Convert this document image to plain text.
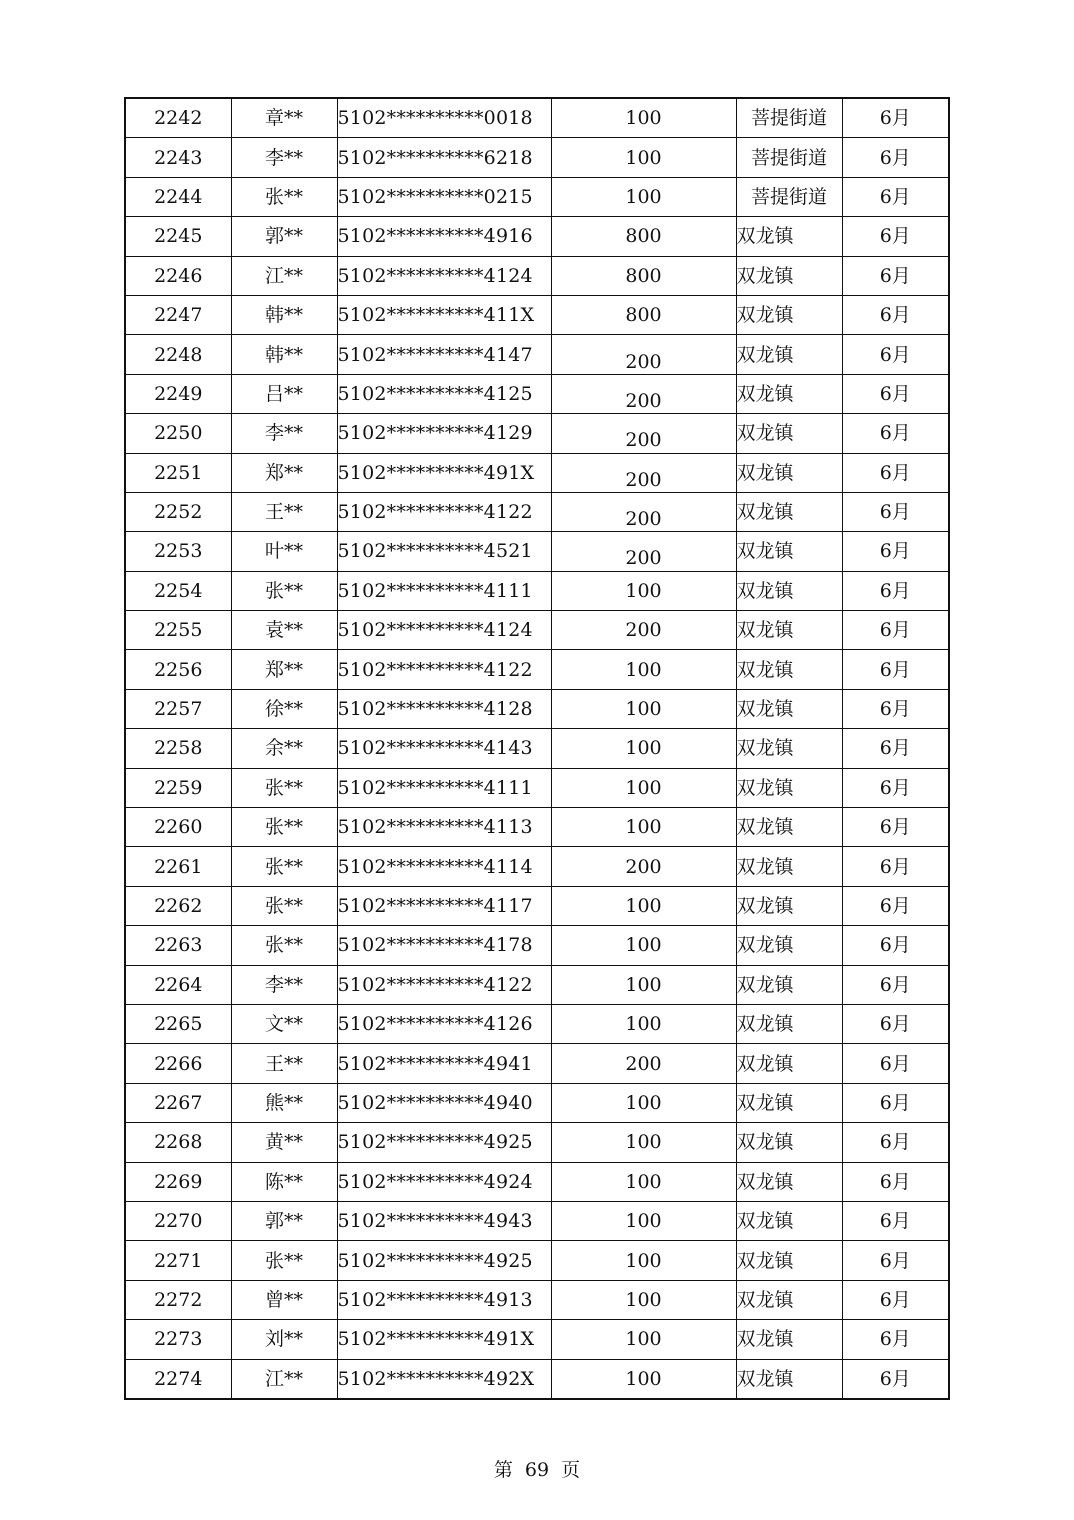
2242	章**	5102**********0018	100	菩提街道	6月
2243	李**	5102**********6218	100	菩提街道	6月
2244	张**	5102**********0215	100	菩提街道	6月
2245	郭**	5102**********4916	800	双龙镇	6月
2246	江**	5102**********4124	800	双龙镇	6月
2247	韩**	5102**********411X	800	双龙镇	6月
2248	韩**	5102**********4147	200	双龙镇	6月
2249	吕**	5102**********4125	200	双龙镇	6月
2250	李**	5102**********4129	200	双龙镇	6月
2251	郑**	5102**********491X	200	双龙镇	6月
2252	王**	5102**********4122	200	双龙镇	6月
2253	叶**	5102**********4521	200	双龙镇	6月
2254	张**	5102**********4111	100	双龙镇	6月
2255	袁**	5102**********4124	200	双龙镇	6月
2256	郑**	5102**********4122	100	双龙镇	6月
2257	徐**	5102**********4128	100	双龙镇	6月
2258	余**	5102**********4143	100	双龙镇	6月
2259	张**	5102**********4111	100	双龙镇	6月
2260	张**	5102**********4113	100	双龙镇	6月
2261	张**	5102**********4114	200	双龙镇	6月
2262	张**	5102**********4117	100	双龙镇	6月
2263	张**	5102**********4178	100	双龙镇	6月
2264	李**	5102**********4122	100	双龙镇	6月
2265	文**	5102**********4126	100	双龙镇	6月
2266	王**	5102**********4941	200	双龙镇	6月
2267	熊**	5102**********4940	100	双龙镇	6月
2268	黄**	5102**********4925	100	双龙镇	6月
2269	陈**	5102**********4924	100	双龙镇	6月
2270	郭**	5102**********4943	100	双龙镇	6月
2271	张**	5102**********4925	100	双龙镇	6月
2272	曾**	5102**********4913	100	双龙镇	6月
2273	刘**	5102**********491X	100	双龙镇	6月
2274	江**	5102**********492X	100	双龙镇	6月
第 69 页
